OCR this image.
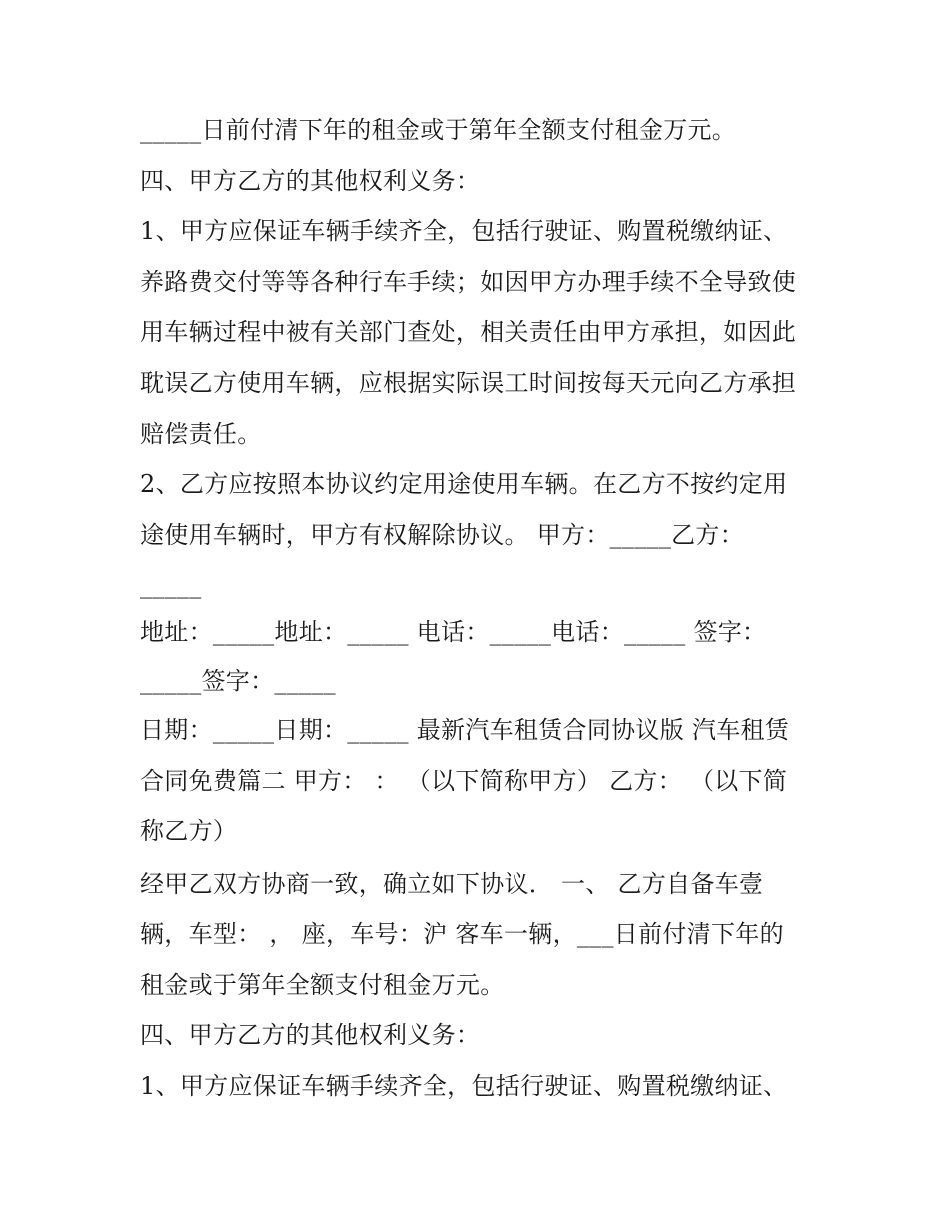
_____日前付清下年的租金或于第年全额支付租金万元。
四、甲方乙方的其他权利义务：
1、甲方应保证车辆手续齐全，包括行驶证、购置税缴纳证、
养路费交付等等各种行车手续；如因甲方办理手续不全导致使
用车辆过程中被有关部门查处，相关责任由甲方承担，如因此
耽误乙方使用车辆，应根据实际误工时间按每天元向乙方承担
赔偿责任。
2、乙方应按照本协议约定用途使用车辆。在乙方不按约定用
途使用车辆时，甲方有权解除协议。 甲方：_____乙方：
_____
地址：_____地址：_____ 电话：_____电话：_____ 签字：
_____签字：_____
日期：_____日期：_____ 最新汽车租赁合同协议版 汽车租赁
合同免费篇二 甲方： ： （以下简称甲方） 乙方： （以下简
称乙方）
经甲乙双方协商一致，确立如下协议． 一、 乙方自备车壹
辆，车型： ， 座，车号：沪 客车一辆，___日前付清下年的
租金或于第年全额支付租金万元。
四、甲方乙方的其他权利义务：
1、甲方应保证车辆手续齐全，包括行驶证、购置税缴纳证、
